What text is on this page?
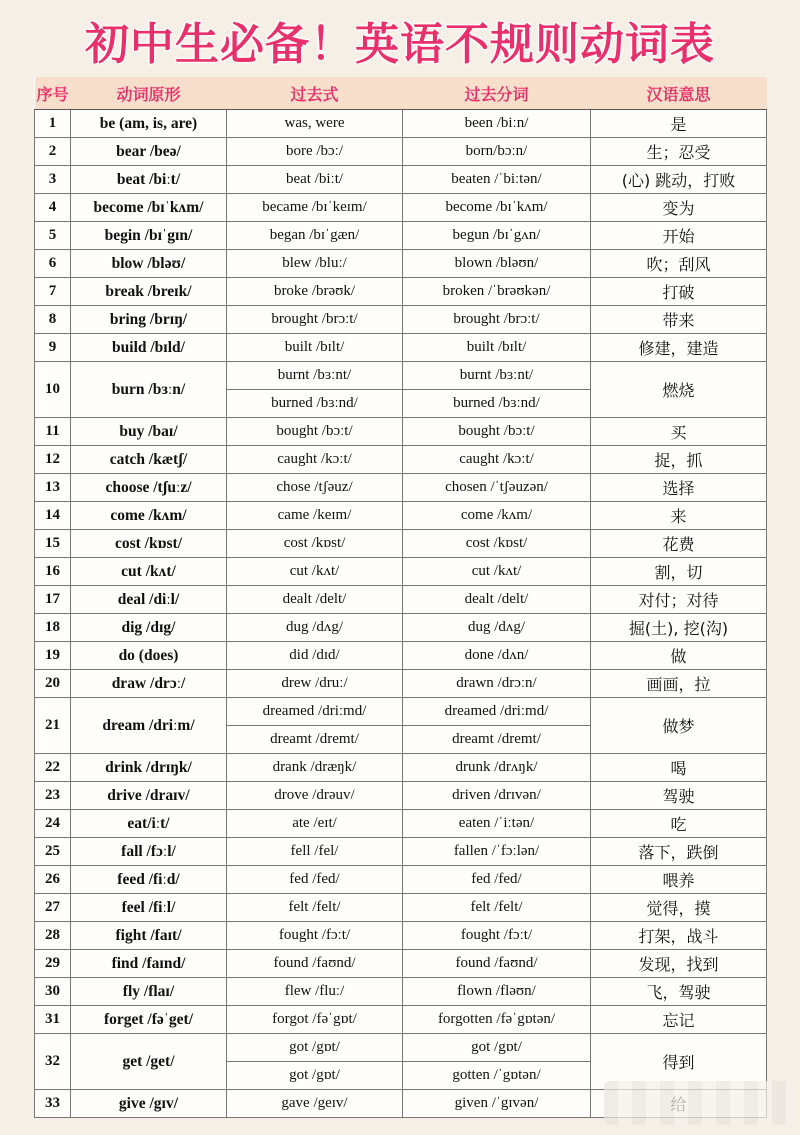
初中生必备！英语不规则动词表
序号	动词原形	过去式	过去分词	汉语意思
1	be (am, is, are)	was, were	been /biːn/	是
2	bear /beə/	bore /bɔː/	born/bɔːn/	生；忍受
3	beat /biːt/	beat /biːt/	beaten /ˈbiːtən/	(心) 跳动，打败
4	become /bɪˈkʌm/	became /bɪˈkeɪm/	become /bɪˈkʌm/	变为
5	begin /bɪˈgɪn/	began /bɪˈgæn/	begun /bɪˈgʌn/	开始
6	blow /bləʊ/	blew /bluː/	blown /bləʊn/	吹；刮风
7	break /breɪk/	broke /brəʊk/	broken /ˈbrəʊkən/	打破
8	bring /brɪŋ/	brought /brɔːt/	brought /brɔːt/	带来
9	build /bɪld/	built /bɪlt/	built /bɪlt/	修建，建造
10	burn /bɜːn/	burnt /bɜːnt/	burnt /bɜːnt/	燃烧
		burned /bɜːnd/	burned /bɜːnd/	
11	buy /baɪ/	bought /bɔːt/	bought /bɔːt/	买
12	catch /kætʃ/	caught /kɔːt/	caught /kɔːt/	捉，抓
13	choose /tʃuːz/	chose /tʃəuz/	chosen /ˈtʃəuzən/	选择
14	come /kʌm/	came /keɪm/	come /kʌm/	来
15	cost /kɒst/	cost /kɒst/	cost /kɒst/	花费
16	cut /kʌt/	cut /kʌt/	cut /kʌt/	割，切
17	deal /diːl/	dealt /delt/	dealt /delt/	对付；对待
18	dig /dɪg/	dug /dʌg/	dug /dʌg/	掘(土), 挖(沟)
19	do (does)	did /dɪd/	done /dʌn/	做
20	draw /drɔː/	drew /druː/	drawn /drɔːn/	画画，拉
21	dream /driːm/	dreamed /driːmd/	dreamed /driːmd/	做梦
		dreamt /dremt/	dreamt /dremt/	
22	drink /drɪŋk/	drank /dræŋk/	drunk /drʌŋk/	喝
23	drive /draɪv/	drove /drəuv/	driven /drɪvən/	驾驶
24	eat/iːt/	ate /eɪt/	eaten /ˈiːtən/	吃
25	fall /fɔːl/	fell /fel/	fallen /ˈfɔːlən/	落下，跌倒
26	feed /fiːd/	fed /fed/	fed /fed/	喂养
27	feel /fiːl/	felt /felt/	felt /felt/	觉得，摸
28	fight /faɪt/	fought /fɔːt/	fought /fɔːt/	打架，战斗
29	find /faɪnd/	found /faʊnd/	found /faʊnd/	发现，找到
30	fly /flaɪ/	flew /fluː/	flown /fləʊn/	飞，驾驶
31	forget /fəˈget/	forgot /fəˈgɒt/	forgotten /fəˈgɒtən/	忘记
32	get /get/	got /gɒt/	got /gɒt/	得到
		got /gɒt/	gotten /ˈgɒtən/	
33	give /gɪv/	gave /geɪv/	given /ˈgɪvən/	
